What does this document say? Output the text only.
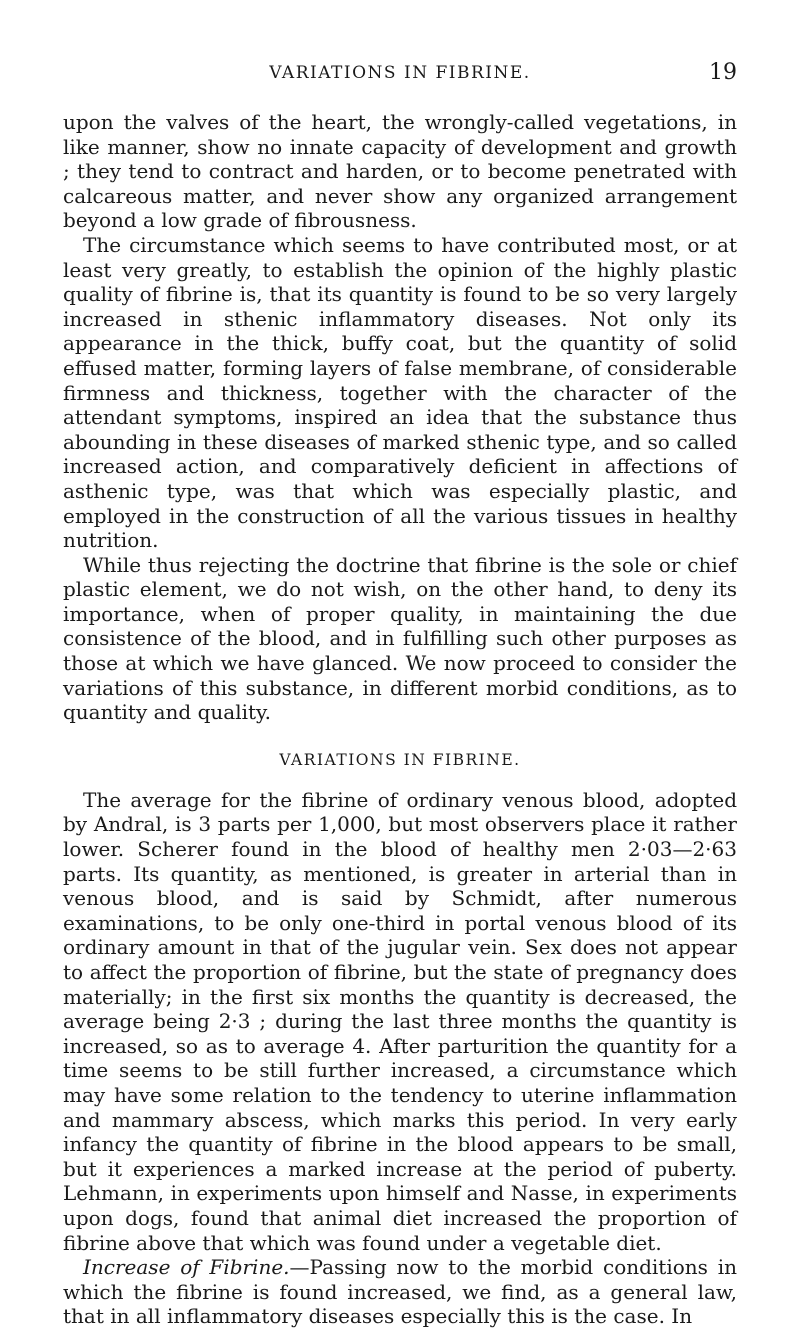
VARIATIONS IN FIBRINE.	19

upon the valves of the heart, the wrongly-called vegetations, in like manner, show no innate capacity of development and growth ; they tend to contract and harden, or to become penetrated with calcareous matter, and never show any organized arrangement beyond a low grade of fibrousness.

The circumstance which seems to have contributed most, or at least very greatly, to establish the opinion of the highly plastic quality of fibrine is, that its quantity is found to be so very largely increased in sthenic inflammatory diseases. Not only its appearance in the thick, buffy coat, but the quantity of solid effused matter, forming layers of false membrane, of considerable firmness and thickness, together with the character of the attendant symptoms, inspired an idea that the substance thus abounding in these diseases of marked sthenic type, and so called increased action, and comparatively deficient in affections of asthenic type, was that which was especially plastic, and employed in the construction of all the various tissues in healthy nutrition.

While thus rejecting the doctrine that fibrine is the sole or chief plastic element, we do not wish, on the other hand, to deny its importance, when of proper quality, in maintaining the due consistence of the blood, and in fulfilling such other purposes as those at which we have glanced. We now proceed to consider the variations of this substance, in different morbid conditions, as to quantity and quality.

VARIATIONS IN FIBRINE.

The average for the fibrine of ordinary venous blood, adopted by Andral, is 3 parts per 1,000, but most observers place it rather lower. Scherer found in the blood of healthy men 2·03—2·63 parts. Its quantity, as mentioned, is greater in arterial than in venous blood, and is said by Schmidt, after numerous examinations, to be only one-third in portal venous blood of its ordinary amount in that of the jugular vein. Sex does not appear to affect the proportion of fibrine, but the state of pregnancy does materially; in the first six months the quantity is decreased, the average being 2·3 ; during the last three months the quantity is increased, so as to average 4. After parturition the quantity for a time seems to be still further increased, a circumstance which may have some relation to the tendency to uterine inflammation and mammary abscess, which marks this period. In very early infancy the quantity of fibrine in the blood appears to be small, but it experiences a marked increase at the period of puberty. Lehmann, in experiments upon himself and Nasse, in experiments upon dogs, found that animal diet increased the proportion of fibrine above that which was found under a vegetable diet.

Increase of Fibrine.—Passing now to the morbid conditions in which the fibrine is found increased, we find, as a general law, that in all inflammatory diseases especially this is the case. In
